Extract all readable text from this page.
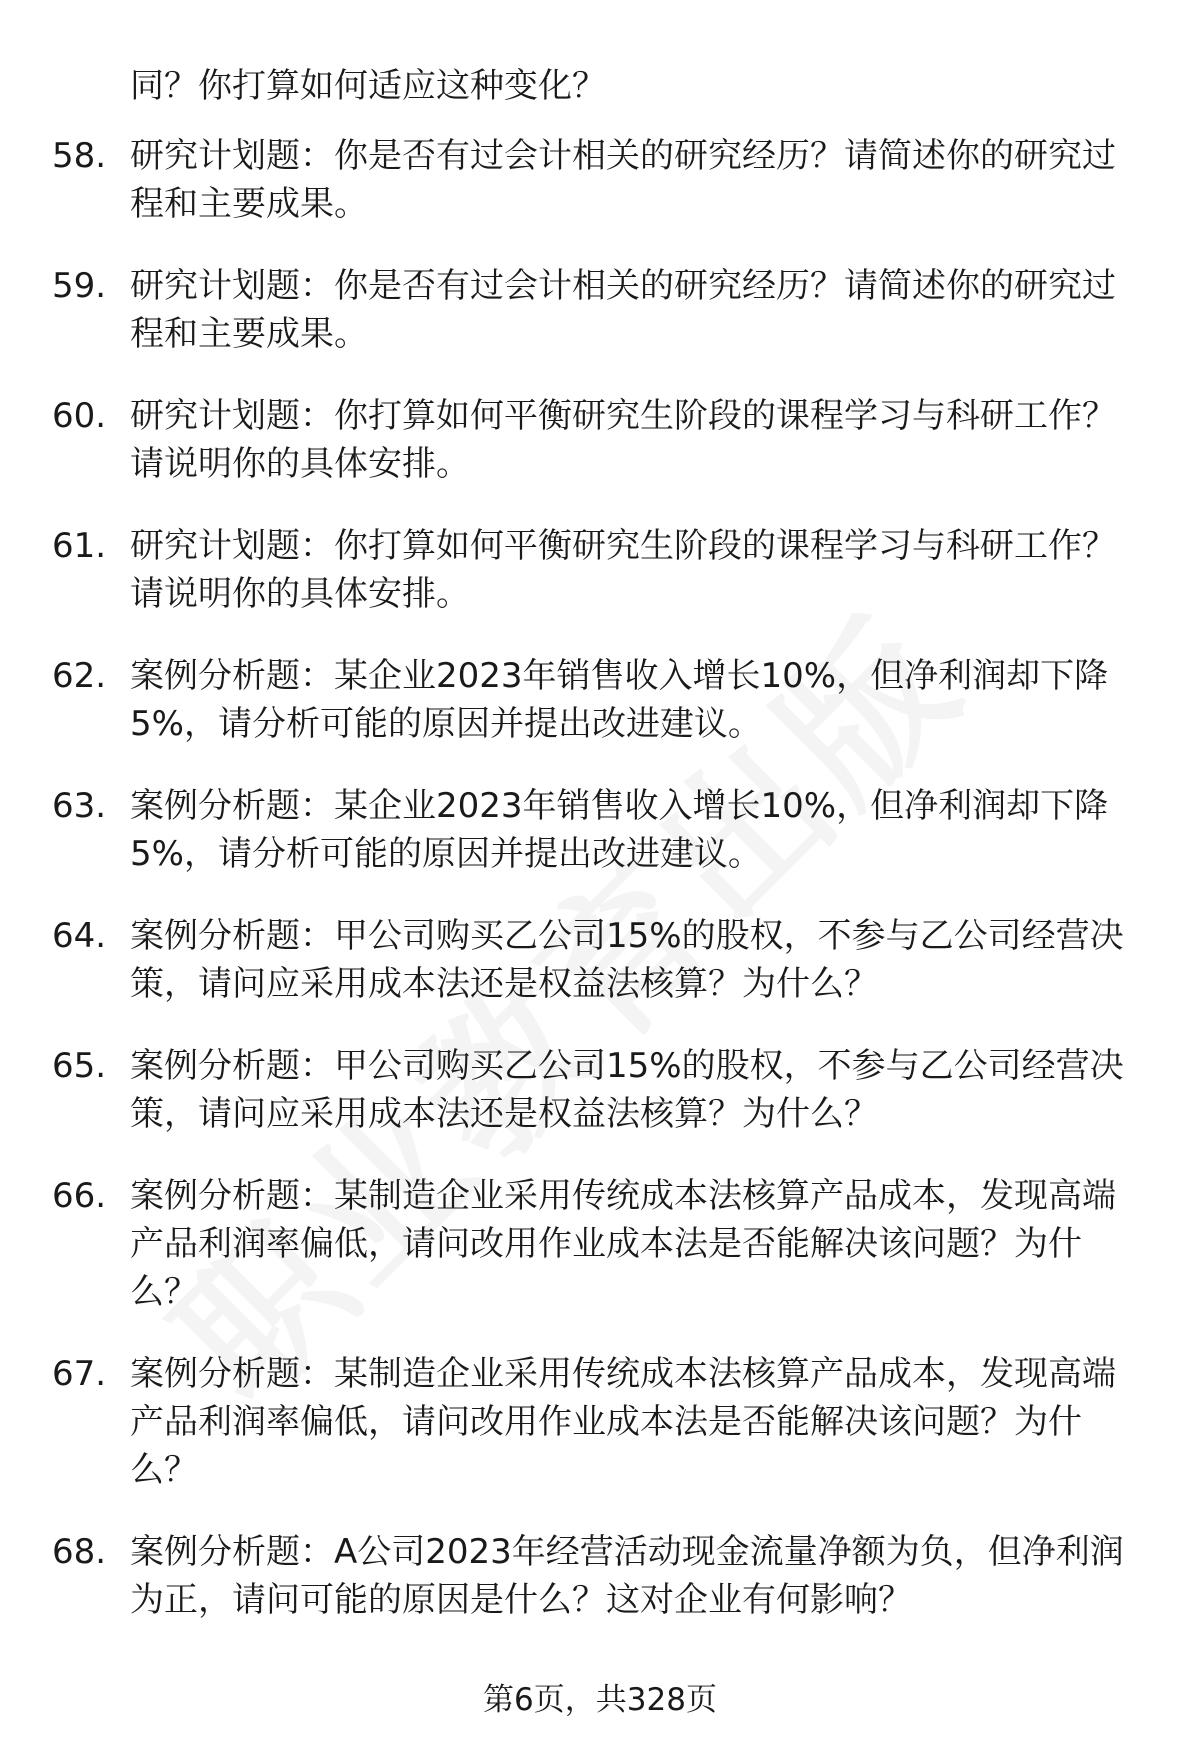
同？你打算如何适应这种变化？
58. 研究计划题：你是否有过会计相关的研究经历？请简述你的研究过程和主要成果。
59. 研究计划题：你是否有过会计相关的研究经历？请简述你的研究过程和主要成果。
60. 研究计划题：你打算如何平衡研究生阶段的课程学习与科研工作？请说明你的具体安排。
61. 研究计划题：你打算如何平衡研究生阶段的课程学习与科研工作？请说明你的具体安排。
62. 案例分析题：某企业2023年销售收入增长10%，但净利润却下降5%，请分析可能的原因并提出改进建议。
63. 案例分析题：某企业2023年销售收入增长10%，但净利润却下降5%，请分析可能的原因并提出改进建议。
64. 案例分析题：甲公司购买乙公司15%的股权，不参与乙公司经营决策，请问应采用成本法还是权益法核算？为什么？
65. 案例分析题：甲公司购买乙公司15%的股权，不参与乙公司经营决策，请问应采用成本法还是权益法核算？为什么？
66. 案例分析题：某制造企业采用传统成本法核算产品成本，发现高端产品利润率偏低，请问改用作业成本法是否能解决该问题？为什么？
67. 案例分析题：某制造企业采用传统成本法核算产品成本，发现高端产品利润率偏低，请问改用作业成本法是否能解决该问题？为什么？
68. 案例分析题：A公司2023年经营活动现金流量净额为负，但净利润为正，请问可能的原因是什么？这对企业有何影响？
第6页，共328页
